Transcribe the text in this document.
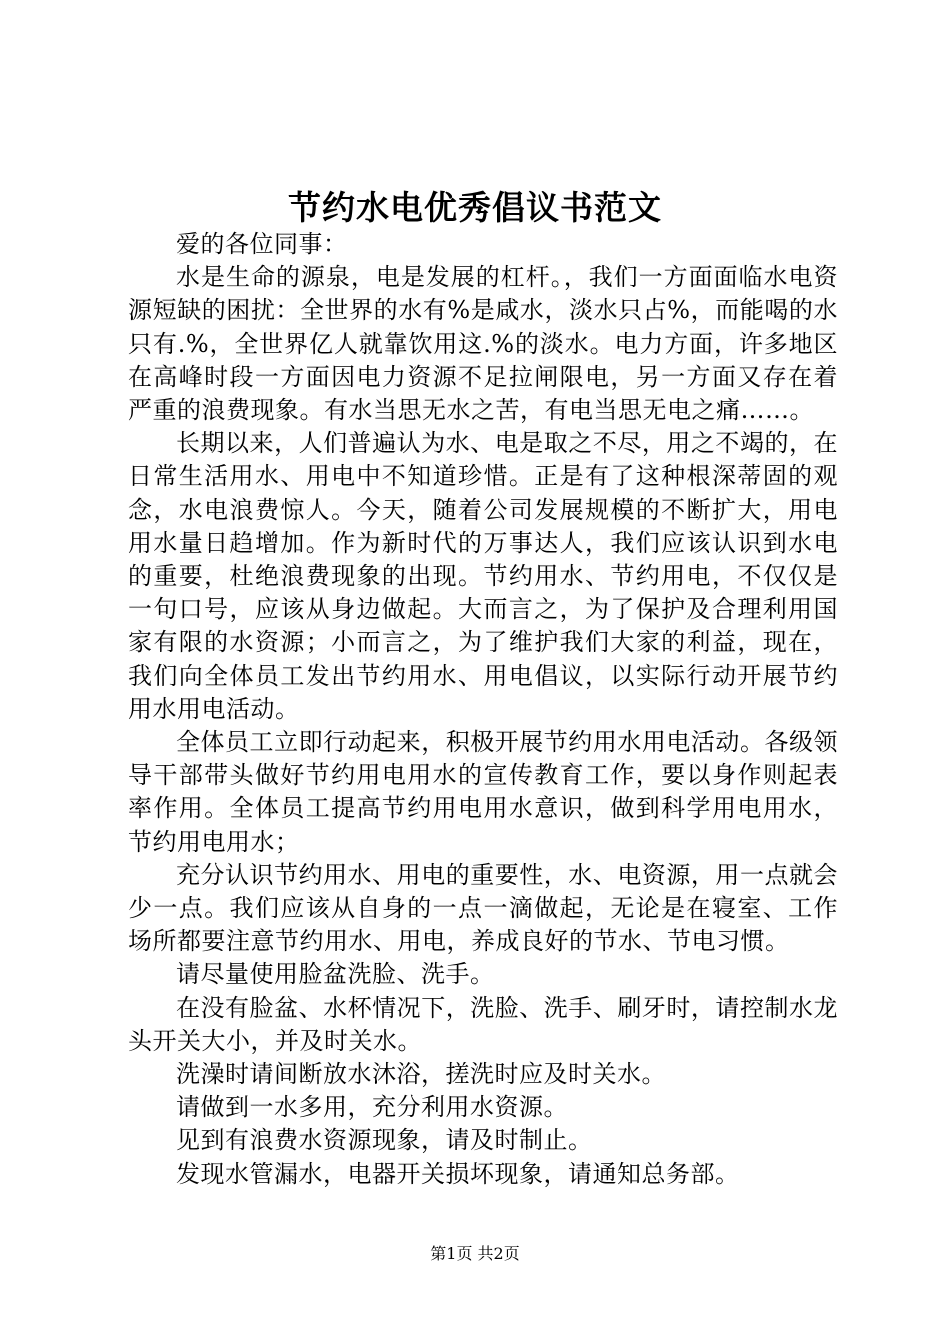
节约水电优秀倡议书范文

爱的各位同事：

水是生命的源泉，电是发展的杠杆。，我们一方面面临水电资源短缺的困扰：全世界的水有%是咸水，淡水只占%，而能喝的水只有.%，全世界亿人就靠饮用这.%的淡水。电力方面，许多地区在高峰时段一方面因电力资源不足拉闸限电，另一方面又存在着严重的浪费现象。有水当思无水之苦，有电当思无电之痛……。

长期以来，人们普遍认为水、电是取之不尽，用之不竭的，在日常生活用水、用电中不知道珍惜。正是有了这种根深蒂固的观念，水电浪费惊人。今天，随着公司发展规模的不断扩大，用电用水量日趋增加。作为新时代的万事达人，我们应该认识到水电的重要，杜绝浪费现象的出现。节约用水、节约用电，不仅仅是一句口号，应该从身边做起。大而言之，为了保护及合理利用国家有限的水资源；小而言之，为了维护我们大家的利益，现在，我们向全体员工发出节约用水、用电倡议，以实际行动开展节约用水用电活动。

全体员工立即行动起来，积极开展节约用水用电活动。各级领导干部带头做好节约用电用水的宣传教育工作，要以身作则起表率作用。全体员工提高节约用电用水意识，做到科学用电用水，节约用电用水；

充分认识节约用水、用电的重要性，水、电资源，用一点就会少一点。我们应该从自身的一点一滴做起，无论是在寝室、工作场所都要注意节约用水、用电，养成良好的节水、节电习惯。

请尽量使用脸盆洗脸、洗手。

在没有脸盆、水杯情况下，洗脸、洗手、刷牙时，请控制水龙头开关大小，并及时关水。

洗澡时请间断放水沐浴，搓洗时应及时关水。

请做到一水多用，充分利用水资源。

见到有浪费水资源现象，请及时制止。

发现水管漏水，电器开关损坏现象，请通知总务部。

第1页 共2页
